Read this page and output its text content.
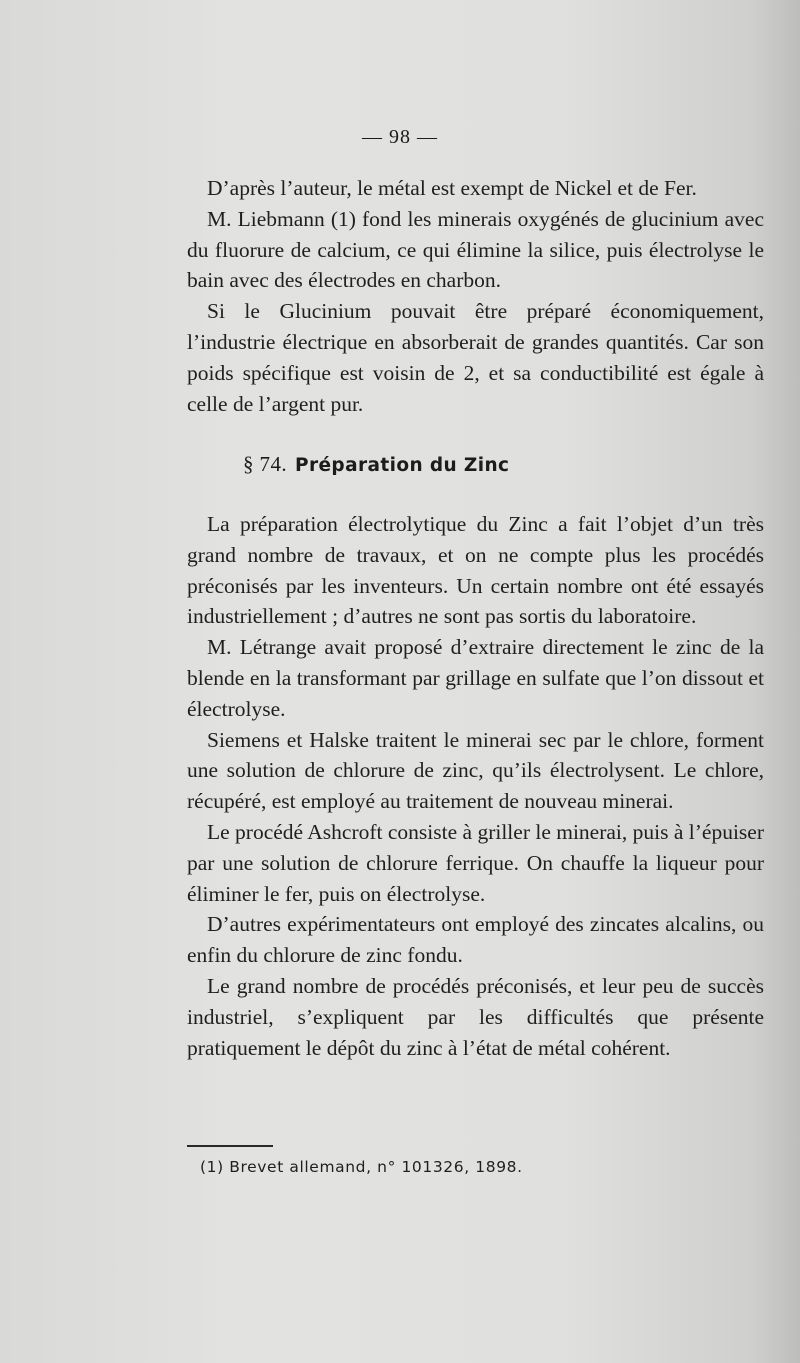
— 98 —

D’après l’auteur, le métal est exempt de Nickel et de Fer.

M. Liebmann (1) fond les minerais oxygénés de glucinium avec du fluorure de calcium, ce qui élimine la silice, puis électrolyse le bain avec des électrodes en charbon.

Si le Glucinium pouvait être préparé économiquement, l’industrie électrique en absorberait de grandes quantités. Car son poids spécifique est voisin de 2, et sa conductibilité est égale à celle de l’argent pur.

§ 74. Préparation du Zinc

La préparation électrolytique du Zinc a fait l’objet d’un très grand nombre de travaux, et on ne compte plus les procédés préconisés par les inventeurs. Un certain nombre ont été essayés industriellement ; d’autres ne sont pas sortis du laboratoire.

M. Létrange avait proposé d’extraire directement le zinc de la blende en la transformant par grillage en sulfate que l’on dissout et électrolyse.

Siemens et Halske traitent le minerai sec par le chlore, forment une solution de chlorure de zinc, qu’ils électrolysent. Le chlore, récupéré, est employé au traitement de nouveau minerai.

Le procédé Ashcroft consiste à griller le minerai, puis à l’épuiser par une solution de chlorure ferrique. On chauffe la liqueur pour éliminer le fer, puis on électrolyse.

D’autres expérimentateurs ont employé des zincates alcalins, ou enfin du chlorure de zinc fondu.

Le grand nombre de procédés préconisés, et leur peu de succès industriel, s’expliquent par les difficultés que présente pratiquement le dépôt du zinc à l’état de métal cohérent.

(1) Brevet allemand, n° 101326, 1898.
